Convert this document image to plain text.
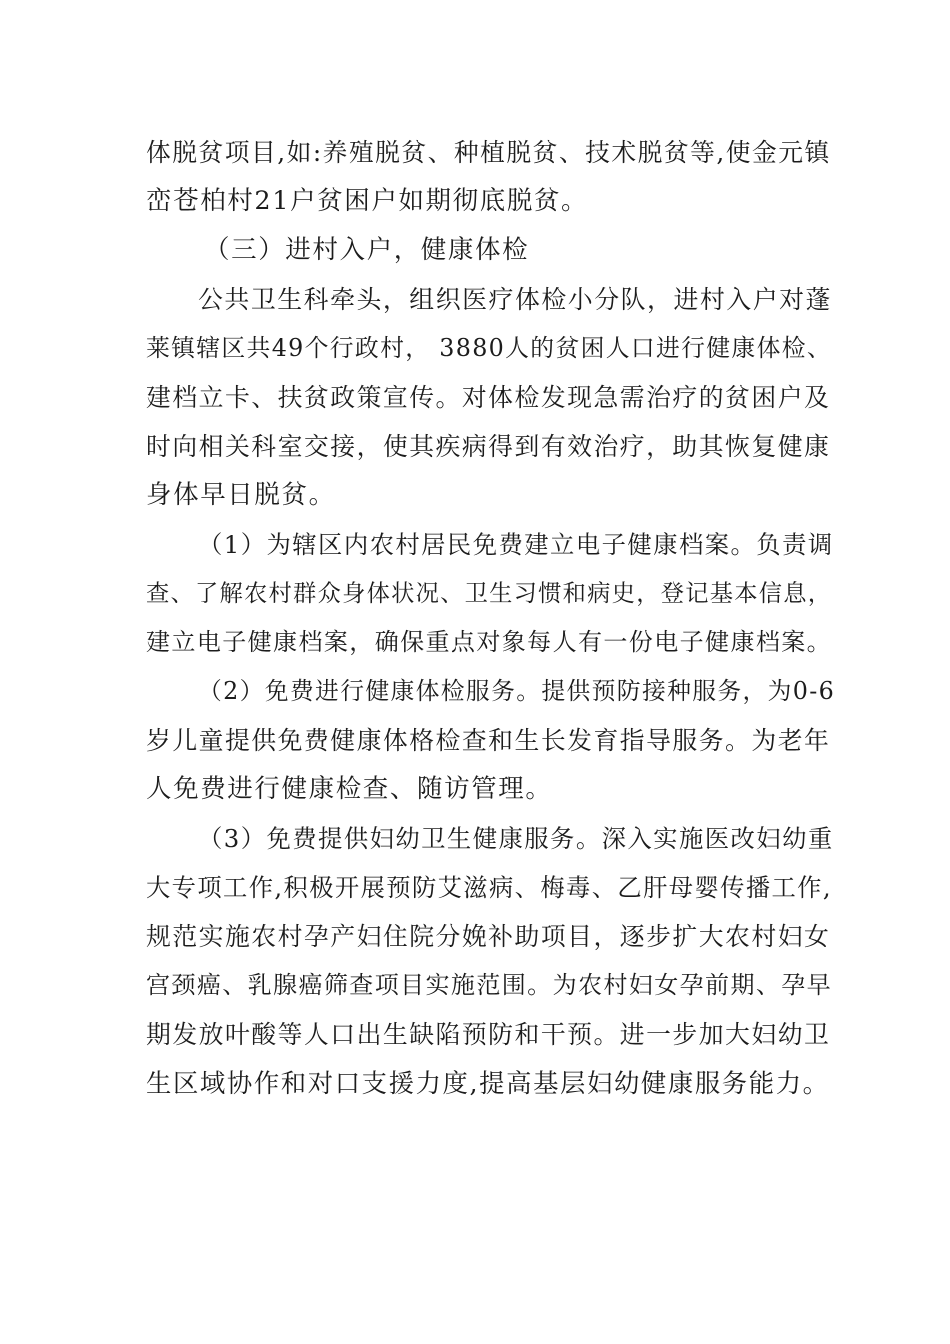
体脱贫项目,如:养殖脱贫、种植脱贫、技术脱贫等,使金元镇
峦苍柏村21户贫困户如期彻底脱贫。
（三）进村入户，健康体检
公共卫生科牵头，组织医疗体检小分队，进村入户对蓬
莱镇辖区共49个行政村， 3880人的贫困人口进行健康体检、
建档立卡、扶贫政策宣传。对体检发现急需治疗的贫困户及
时向相关科室交接，使其疾病得到有效治疗，助其恢复健康
身体早日脱贫。
（1）为辖区内农村居民免费建立电子健康档案。负责调
查、了解农村群众身体状况、卫生习惯和病史，登记基本信息，
建立电子健康档案，确保重点对象每人有一份电子健康档案。
（2）免费进行健康体检服务。提供预防接种服务，为0-6
岁儿童提供免费健康体格检查和生长发育指导服务。为老年
人免费进行健康检查、随访管理。
（3）免费提供妇幼卫生健康服务。深入实施医改妇幼重
大专项工作,积极开展预防艾滋病、梅毒、乙肝母婴传播工作,
规范实施农村孕产妇住院分娩补助项目，逐步扩大农村妇女
宫颈癌、乳腺癌筛查项目实施范围。为农村妇女孕前期、孕早
期发放叶酸等人口出生缺陷预防和干预。进一步加大妇幼卫
生区域协作和对口支援力度,提高基层妇幼健康服务能力。
